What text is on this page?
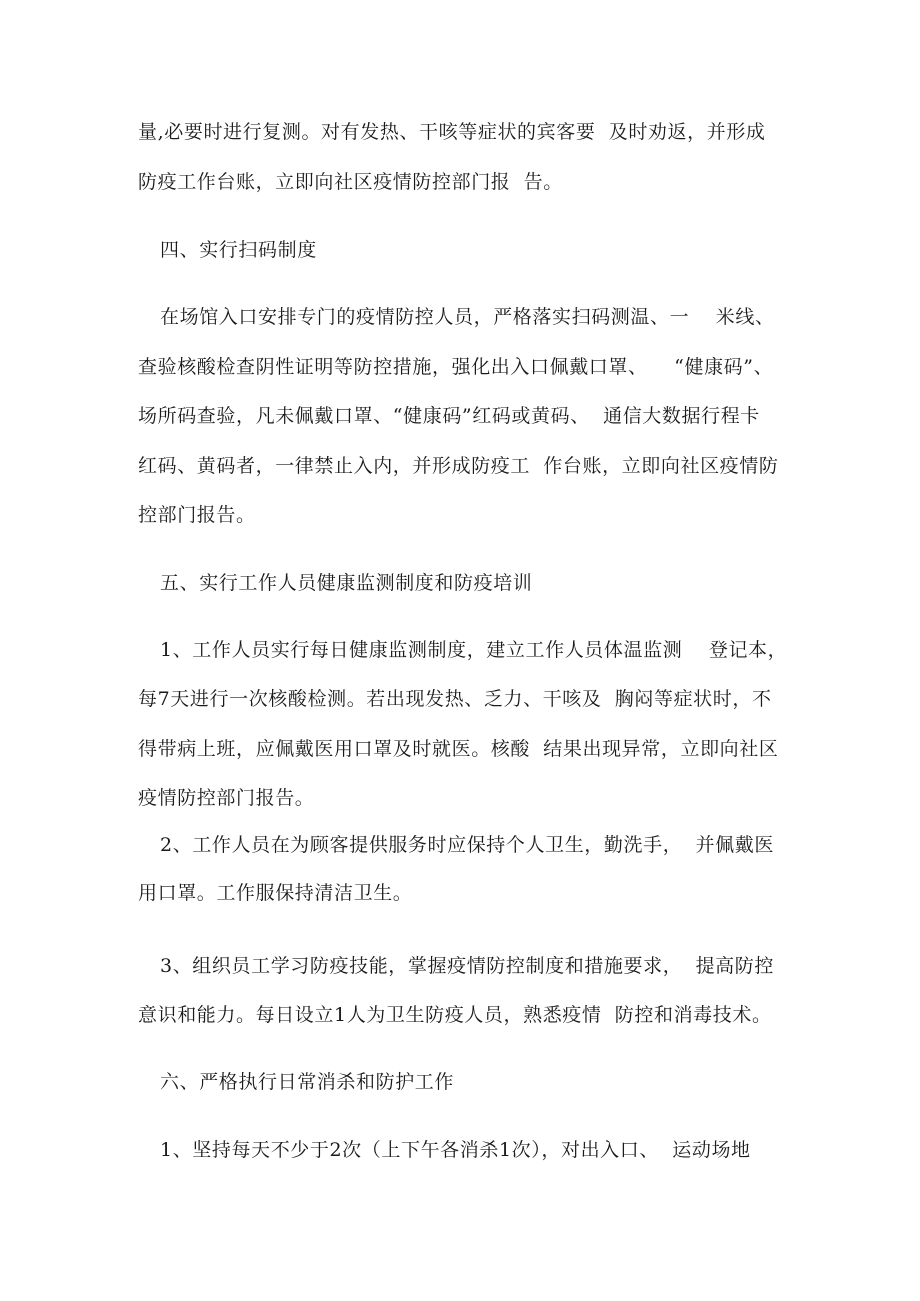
量,必要时进行复测。对有发热、干咳等症状的宾客要  及时劝返，并形成
防疫工作台账，立即向社区疫情防控部门报  告。
四、实行扫码制度
在场馆入口安排专门的疫情防控人员，严格落实扫码测温、一    米线、
查验核酸检查阴性证明等防控措施，强化出入口佩戴口罩、    “健康码”、
场所码查验，凡未佩戴口罩、“健康码”红码或黄码、  通信大数据行程卡
红码、黄码者，一律禁止入内，并形成防疫工  作台账，立即向社区疫情防
控部门报告。
五、实行工作人员健康监测制度和防疫培训
1、工作人员实行每日健康监测制度，建立工作人员体温监测    登记本，
每7天进行一次核酸检测。若出现发热、乏力、干咳及  胸闷等症状时，不
得带病上班，应佩戴医用口罩及时就医。核酸  结果出现异常，立即向社区
疫情防控部门报告。
2、工作人员在为顾客提供服务时应保持个人卫生，勤洗手，  并佩戴医
用口罩。工作服保持清洁卫生。
3、组织员工学习防疫技能，掌握疫情防控制度和措施要求，  提高防控
意识和能力。每日设立1人为卫生防疫人员，熟悉疫情  防控和消毒技术。
六、严格执行日常消杀和防护工作
1、坚持每天不少于2次（上下午各消杀1次），对出入口、  运动场地
